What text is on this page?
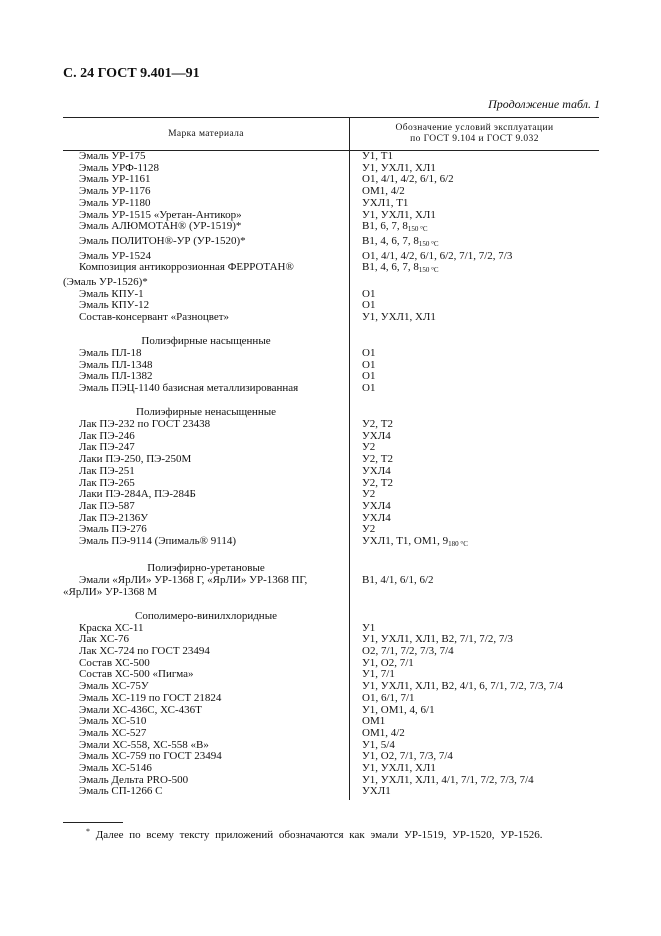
С. 24 ГОСТ 9.401—91
Продолжение табл. 1
Марка материала
Обозначение условий эксплуатации
по ГОСТ 9.104 и ГОСТ 9.032
Эмаль УР-175	У1, Т1
Эмаль УРФ-1128	У1, УХЛ1, ХЛ1
Эмаль УР-1161	О1, 4/1, 4/2, 6/1, 6/2
Эмаль УР-1176	ОМ1, 4/2
Эмаль УР-1180	УХЛ1, Т1
Эмаль УР-1515 «Уретан-Антикор»	У1, УХЛ1, ХЛ1
Эмаль АЛЮМОТАН® (УР-1519)*	В1, 6, 7, $8_{150 ^\circ С}$
Эмаль ПОЛИТОН®-УР (УР-1520)*	В1, 4, 6, 7, $8_{150 ^\circ С}$
Эмаль УР-1524	О1, 4/1, 4/2, 6/1, 6/2, 7/1, 7/2, 7/3
Композиция антикоррозионная ФЕРРОТАН®	В1, 4, 6, 7, $8_{150 ^\circ С}$
(Эмаль УР-1526)*
Эмаль КПУ-1	О1
Эмаль КПУ-12	О1
Состав-консервант «Разноцвет»	У1, УХЛ1, ХЛ1
Полиэфирные насыщенные
Эмаль ПЛ-18	О1
Эмаль ПЛ-1348	О1
Эмаль ПЛ-1382	О1
Эмаль ПЭЦ-1140 базисная металлизированная	О1
Полиэфирные ненасыщенные
Лак ПЭ-232 по ГОСТ 23438	У2, Т2
Лак ПЭ-246	УХЛ4
Лак ПЭ-247	У2
Лаки ПЭ-250, ПЭ-250М	У2, Т2
Лак ПЭ-251	УХЛ4
Лак ПЭ-265	У2, Т2
Лаки ПЭ-284А, ПЭ-284Б	У2
Лак ПЭ-587	УХЛ4
Лак ПЭ-2136У	УХЛ4
Эмаль ПЭ-276	У2
Эмаль ПЭ-9114 (Эпималь® 9114)	УХЛ1, Т1, ОМ1, $9_{180 ^\circ С}$
Полиэфирно-уретановые
Эмали «ЯрЛИ» УР-1368 Г, «ЯрЛИ» УР-1368 ПГ,	В1, 4/1, 6/1, 6/2
«ЯрЛИ» УР-1368 М
Сополимеро-винилхлоридные
Краска ХС-11	У1
Лак ХС-76	У1, УХЛ1, ХЛ1, В2, 7/1, 7/2, 7/3
Лак ХС-724 по ГОСТ 23494	О2, 7/1, 7/2, 7/3, 7/4
Состав ХС-500	У1, О2, 7/1
Состав ХС-500 «Пигма»	У1, 7/1
Эмаль ХС-75У	У1, УХЛ1, ХЛ1, В2, 4/1, 6, 7/1, 7/2, 7/3, 7/4
Эмаль ХС-119 по ГОСТ 21824	О1, 6/1, 7/1
Эмали ХС-436С, ХС-436Т	У1, ОМ1, 4, 6/1
Эмаль ХС-510	ОМ1
Эмаль ХС-527	ОМ1, 4/2
Эмали ХС-558, ХС-558 «В»	У1, 5/4
Эмаль ХС-759 по ГОСТ 23494	У1, О2, 7/1, 7/3, 7/4
Эмаль ХС-5146	У1, УХЛ1, ХЛ1
Эмаль Дельта PRO-500	У1, УХЛ1, ХЛ1, 4/1, 7/1, 7/2, 7/3, 7/4
Эмаль СП-1266 С	УХЛ1
* Далее по всему тексту приложений обозначаются как эмали УР-1519, УР-1520, УР-1526.
